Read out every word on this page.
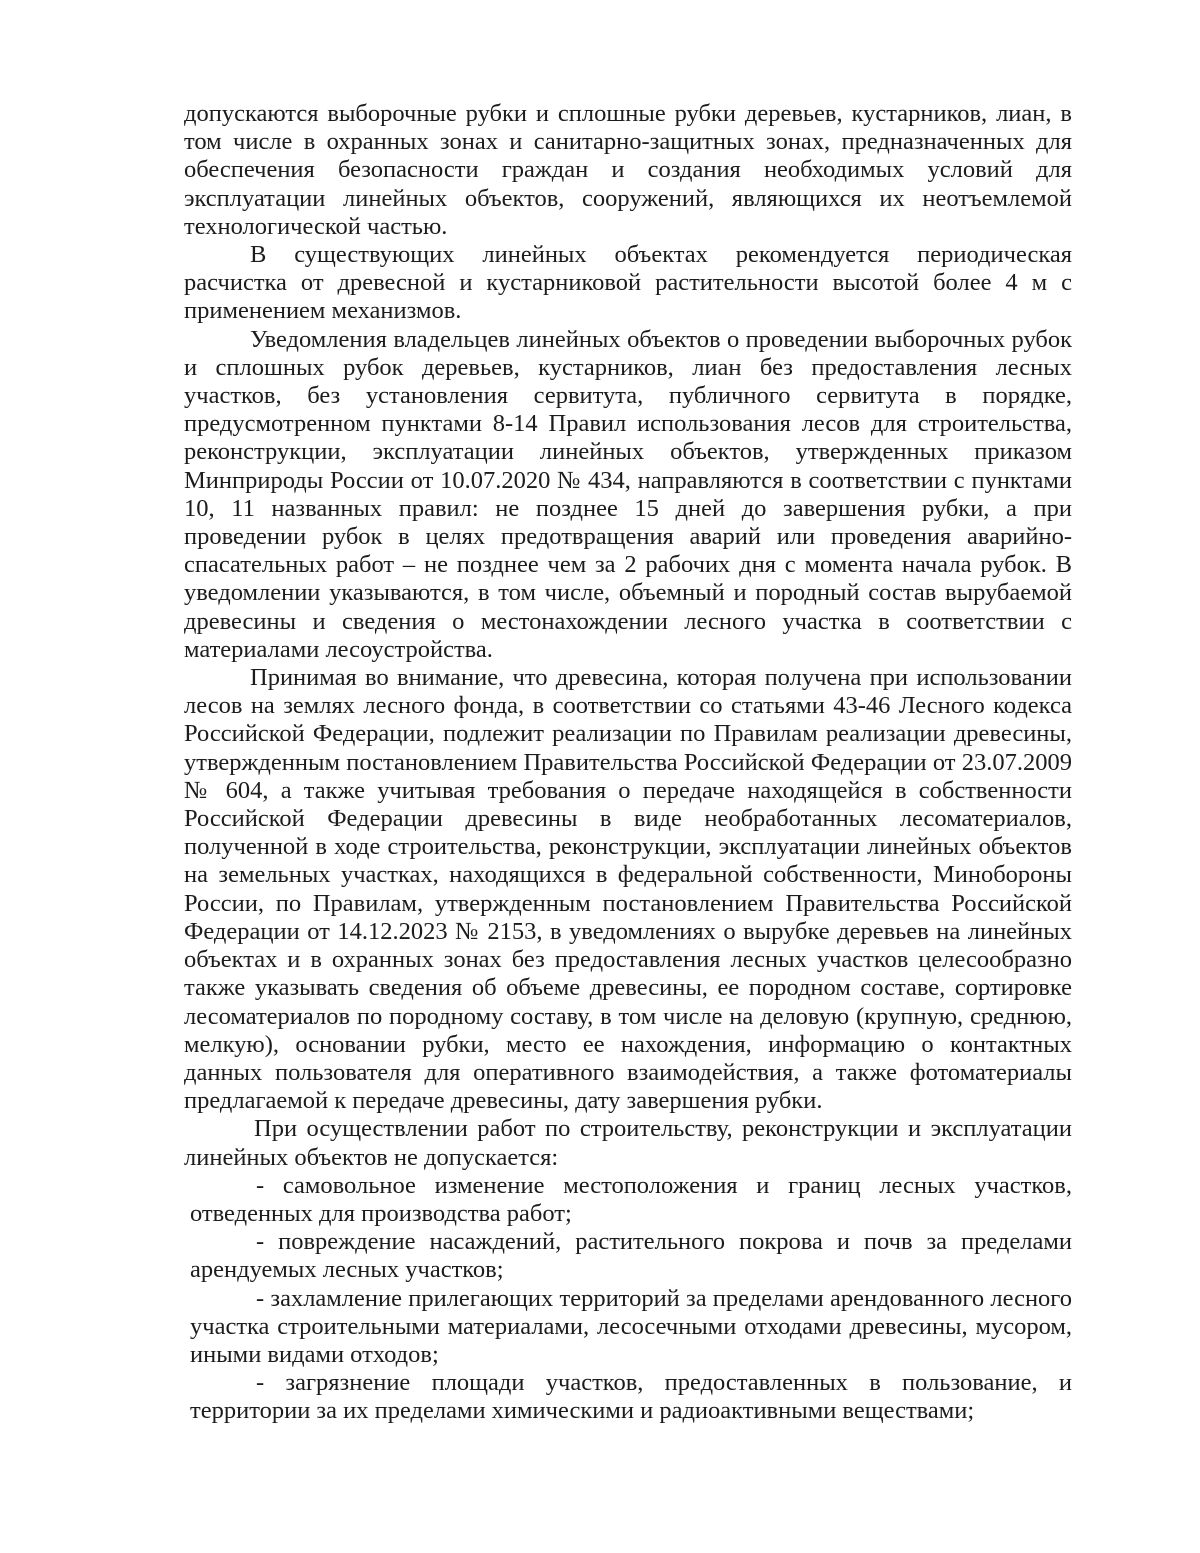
допускаются выборочные рубки и сплошные рубки деревьев, кустарников, лиан, в том числе в охранных зонах и санитарно-защитных зонах, предназначенных для обеспечения безопасности граждан и создания необходимых условий для эксплуатации линейных объектов, сооружений, являющихся их неотъемлемой технологической частью.

В существующих линейных объектах рекомендуется периодическая расчистка от древесной и кустарниковой растительности высотой более 4 м с применением механизмов.

Уведомления владельцев линейных объектов о проведении выборочных рубок и сплошных рубок деревьев, кустарников, лиан без предоставления лесных участков, без установления сервитута, публичного сервитута в порядке, предусмотренном пунктами 8-14 Правил использования лесов для строительства, реконструкции, эксплуатации линейных объектов, утвержденных приказом Минприроды России от 10.07.2020 № 434, направляются в соответствии с пунктами 10, 11 названных правил: не позднее 15 дней до завершения рубки, а при проведении рубок в целях предотвращения аварий или проведения аварийно-спасательных работ – не позднее чем за 2 рабочих дня с момента начала рубок. В уведомлении указываются, в том числе, объемный и породный состав вырубаемой древесины и сведения о местонахождении лесного участка в соответствии с материалами лесоустройства.

Принимая во внимание, что древесина, которая получена при использовании лесов на землях лесного фонда, в соответствии со статьями 43-46 Лесного кодекса Российской Федерации, подлежит реализации по Правилам реализации древесины, утвержденным постановлением Правительства Российской Федерации от 23.07.2009 № 604, а также учитывая требования о передаче находящейся в собственности Российской Федерации древесины в виде необработанных лесоматериалов, полученной в ходе строительства, реконструкции, эксплуатации линейных объектов на земельных участках, находящихся в федеральной собственности, Минобороны России, по Правилам, утвержденным постановлением Правительства Российской Федерации от 14.12.2023 № 2153, в уведомлениях о вырубке деревьев на линейных объектах и в охранных зонах без предоставления лесных участков целесообразно также указывать сведения об объеме древесины, ее породном составе, сортировке лесоматериалов по породному составу, в том числе на деловую (крупную, среднюю, мелкую), основании рубки, место ее нахождения, информацию о контактных данных пользователя для оперативного взаимодействия, а также фотоматериалы предлагаемой к передаче древесины, дату завершения рубки.

При осуществлении работ по строительству, реконструкции и эксплуатации линейных объектов не допускается:

- самовольное изменение местоположения и границ лесных участков, отведенных для производства работ;

- повреждение насаждений, растительного покрова и почв за пределами арендуемых лесных участков;

- захламление прилегающих территорий за пределами арендованного лесного участка строительными материалами, лесосечными отходами древесины, мусором, иными видами отходов;

- загрязнение площади участков, предоставленных в пользование, и территории за их пределами химическими и радиоактивными веществами;
